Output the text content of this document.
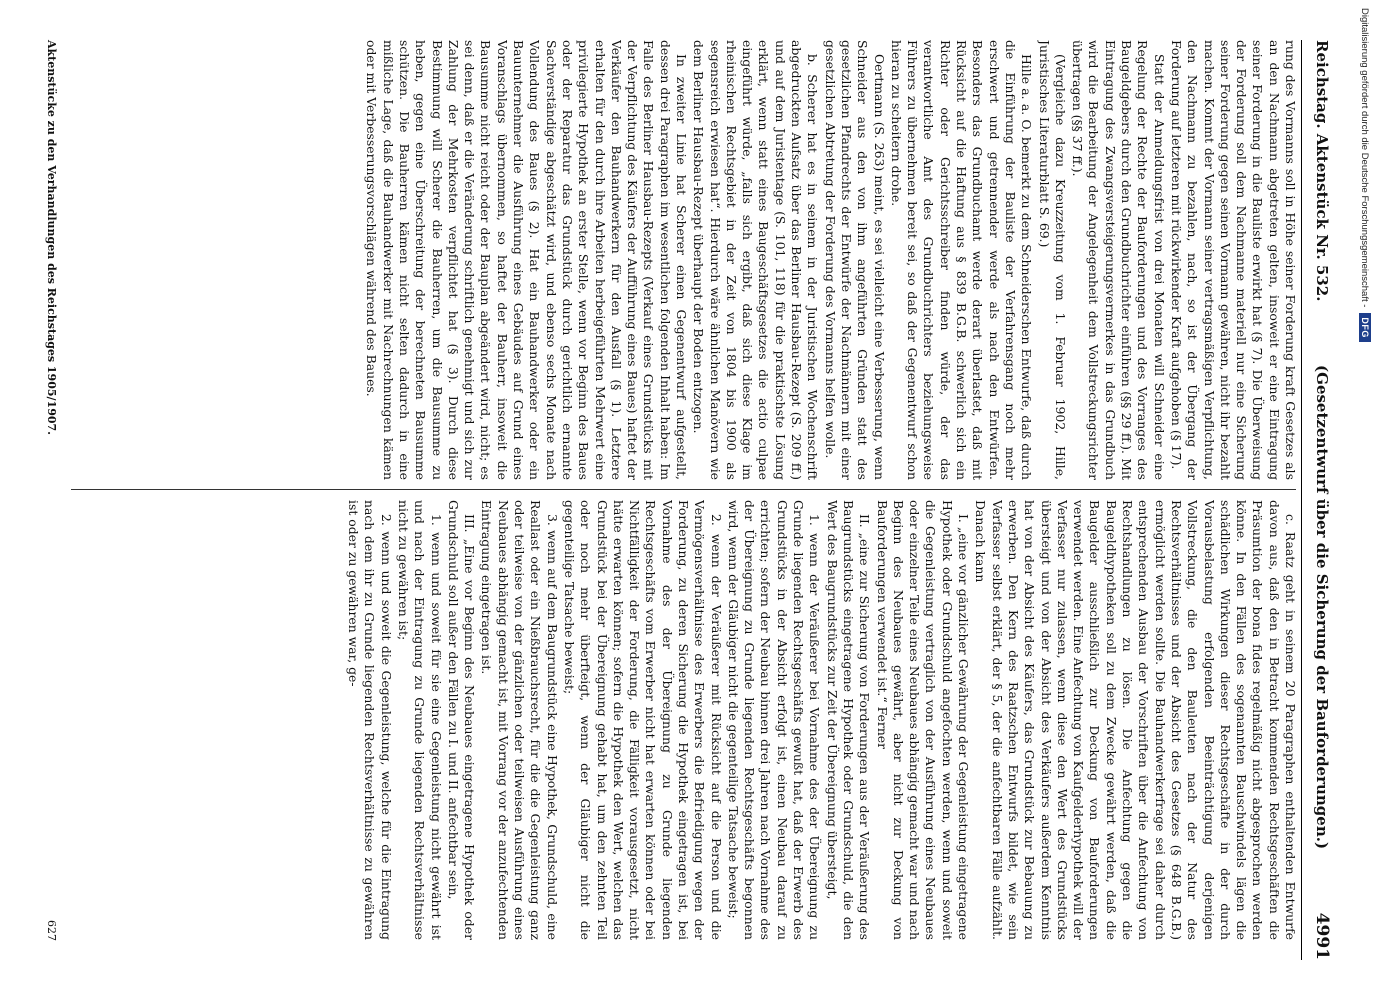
Reichstag. Aktenstück Nr. 532.
(Gesetzentwurf über die Sicherung der Bauforderungen.)
4991

rung des Vormanns soll in Höhe seiner Forderung kraft Gesetzes als an den Nachmann abgetreten gelten, insoweit er eine Eintragung seiner Forderung in die Bauliste erwirkt hat (§ 7). Die Überweisung der Forderung soll dem Nachmanne materiell nur eine Sicherung seiner Forderung gegen seinen Vormann gewähren, nicht ihr bezahlt machen. Kommt der Vormann seiner vertragsmäßigen Verpflichtung, den Nachmann zu bezahlen, nach, so ist der Übergang der Forderung auf letzteren mit rückwirkender Kraft aufgehoben (§ 17).

Statt der Anmeldungsfrist von drei Monaten will Schneider eine Regelung der Rechte der Bauforderungen und des Vorranges des Baugeldgebers durch den Grundbuchrichter einführen (§§ 29 ff.). Mit Eintragung des Zwangsversteigerungsvermerkes in das Grundbuch wird die Bearbeitung der Angelegenheit dem Vollstreckungsrichter übertragen (§§ 37 ff.).

(Vergleiche dazu Kreuzzeitung vom 1. Februar 1902, Hille, Juristisches Literaturblatt S. 69.)

Hille a. a. O. bemerkt zu dem Schneiderschen Entwurfe, daß durch die Einführung der Bauliste der Verfahrensgang noch mehr erschwert und getrennender werde als nach den Entwürfen. Besonders das Grundbuchamt werde derart überlastet, daß mit Rücksicht auf die Haftung aus § 839 B.G.B. schwerlich sich ein Richter oder Gerichtsschreiber finden würde, der das verantwortliche Amt des Grundbuchrichters beziehungsweise Führers zu übernehmen bereit sei, so daß der Gegenentwurf schon hieran zu scheitern drohe.

Oertmann (S. 263) meint, es sei vielleicht eine Verbesserung, wenn Schneider aus den von ihm angeführten Gründen statt des gesetzlichen Pfandrechts der Entwürfe der Nachmännern mit einer gesetzlichen Abtretung der Forderung des Vormanns helfen wolle.

b. Scherer hat es in seinem in der Juristischen Wochenschrift abgedruckten Aufsatz über das Berliner Hausbau-Rezept (S. 209 ff.) und auf dem Juristentage (S. 101, 118) für die praktischste Lösung erklärt, wenn statt eines Baugeschäftsgesetzes die actio culpae eingeführt würde, „falls sich ergibt, daß sich diese Klage im rheinischen Rechtsgebiet in der Zeit von 1804 bis 1900 als segensreich erwiesen hat“. Hierdurch wäre ähnlichen Manövern wie dem Berliner Hausbau-Rezept überhaupt der Boden entzogen.

In zweiter Linie hat Scherer einen Gegenentwurf aufgestellt, dessen drei Paragraphen im wesentlichen folgenden Inhalt haben: Im Falle des Berliner Hausbau-Rezepts (Verkauf eines Grundstücks mit der Verpflichtung des Käufers der Aufführung eines Baues) haftet der Verkäufer den Bauhandwerkern für den Ausfall (§ 1). Letztere erhalten für den durch ihre Arbeiten herbeigeführten Mehrwert eine privilegierte Hypothek an erster Stelle, wenn vor Beginn des Baues oder der Reparatur das Grundstück durch gerichtlich ernannte Sachverständige abgeschätzt wird, und ebenso sechs Monate nach Vollendung des Baues (§ 2). Hat ein Bauhandwerker oder ein Bauunternehmer die Ausführung eines Gebäudes auf Grund eines Voranschlags übernommen, so haftet der Bauherr, insoweit die Bausumme nicht reicht oder der Bauplan abgeändert wird, nicht; es sei denn, daß er die Veränderung schriftlich genehmigt und sich zur Zahlung der Mehrkosten verpflichtet hat (§ 3). Durch diese Bestimmung will Scherer die Bauherren, um die Bausumme zu heben, gegen eine Überschreitung der berechneten Bausumme schützen. Die Bauherren kämen nicht selten dadurch in eine mißliche Lage, daß die Bauhandwerker mit Nachrechnungen kämen oder mit Verbesserungsvorschlägen während des Baues.

c. Raatz geht in seinem 20 Paragraphen enthaltenden Entwurfe davon aus, daß den in Betracht kommenden Rechtsgeschäften die Präsumtion der bona fides regelmäßig nicht abgesprochen werden könne. In den Fällen des sogenannten Bauschwindels lägen die schädlichen Wirkungen dieser Rechtsgeschäfte in der durch Vorausbelastung erfolgenden Beeinträchtigung derjenigen Vollstreckung, die den Bauleuten nach der Natur des Rechtsverhältnisses und der Absicht des Gesetzes (§ 648 B.G.B.) ermöglicht werden sollte. Die Bauhandwerkerfrage sei daher durch entsprechenden Ausbau der Vorschriften über die Anfechtung von Rechtshandlungen zu lösen. Die Anfechtung gegen die Baugeldhypotheken soll zu dem Zwecke gewährt werden, daß die Baugelder ausschließlich zur Deckung von Bauforderungen verwendet werden. Eine Anfechtung von Kaufgelderhypothek will der Verfasser nur zulassen, wenn diese den Wert des Grundstücks übersteigt und von der Absicht des Verkäufers außerdem Kenntnis hat von der Absicht des Käufers, das Grundstück zur Bebauung zu erwerben. Den Kern des Raatzschen Entwurfs bildet, wie sein Verfasser selbst erklärt, der § 5, der die anfechtbaren Fälle aufzählt. Danach kann

I. „eine vor gänzlicher Gewährung der Gegenleistung eingetragene Hypothek oder Grundschuld angefochten werden, wenn und soweit die Gegenleistung vertraglich von der Ausführung eines Neubaues oder einzelner Teile eines Neubaues abhängig gemacht war und nach Beginn des Neubaues gewährt, aber nicht zur Deckung von Bauforderungen verwendet ist.“ Ferner

II. „eine zur Sicherung von Forderungen aus der Veräußerung des Baugrundstücks eingetragene Hypothek oder Grundschuld, die den Wert des Baugrundstücks zur Zeit der Übereignung übersteigt,

1. wenn der Veräußerer bei Vornahme des der Übereignung zu Grunde liegenden Rechtsgeschäfts gewußt hat, daß der Erwerb des Grundstücks in der Absicht erfolgt ist, einen Neubau darauf zu errichten; sofern der Neubau binnen drei Jahren nach Vornahme des der Übereignung zu Grunde liegenden Rechtsgeschäfts begonnen wird, wenn der Gläubiger nicht die gegenteilige Tatsache beweist;

2. wenn der Veräußerer mit Rücksicht auf die Person und die Vermögensverhältnisse des Erwerbers die Befriedigung wegen der Forderung, zu deren Sicherung die Hypothek eingetragen ist, bei Vornahme des der Übereignung zu Grunde liegenden Rechtsgeschäfts vom Erwerber nicht hat erwarten können oder bei Nichtfälligkeit der Forderung, die Fälligkeit vorausgesetzt, nicht hätte erwarten können; sofern die Hypothek den Wert, welchen das Grundstück bei der Übereignung gehabt hat, um den zehnten Teil oder noch mehr überfteigt, wenn der Gläubiger nicht die gegenteilige Tatsache beweist;

3. wenn auf dem Baugrundstück eine Hypothek, Grundschuld, eine Reallast oder ein Nießbrauchsrecht, für die die Gegenleistung ganz oder teilweise von der gänzlichen oder teilweisen Ausführung eines Neubaues abhängig gemacht ist, mit Vorrang vor der anzufechtenden Eintragung eingetragen ist.

III. „Eine vor Beginn des Neubaues eingetragene Hypothek oder Grundschuld soll außer den Fällen zu I. und II. anfechtbar sein,

1. wenn und soweit für sie eine Gegenleistung nicht gewährt ist und nach der Eintragung zu Grunde liegenden Rechtsverhältnisse nicht zu gewähren ist;

2. wenn und soweit die Gegenleistung, welche für die Eintragung nach dem ihr zu Grunde liegenden Rechtsverhältnisse zu gewähren ist oder zu gewähren war, ge-

Aktenstücke zu den Verhandlungen des Reichstages 1905/1907.
627
Digitalisierung gefördert durch die Deutsche Forschungsgemeinschaft -
DFG
